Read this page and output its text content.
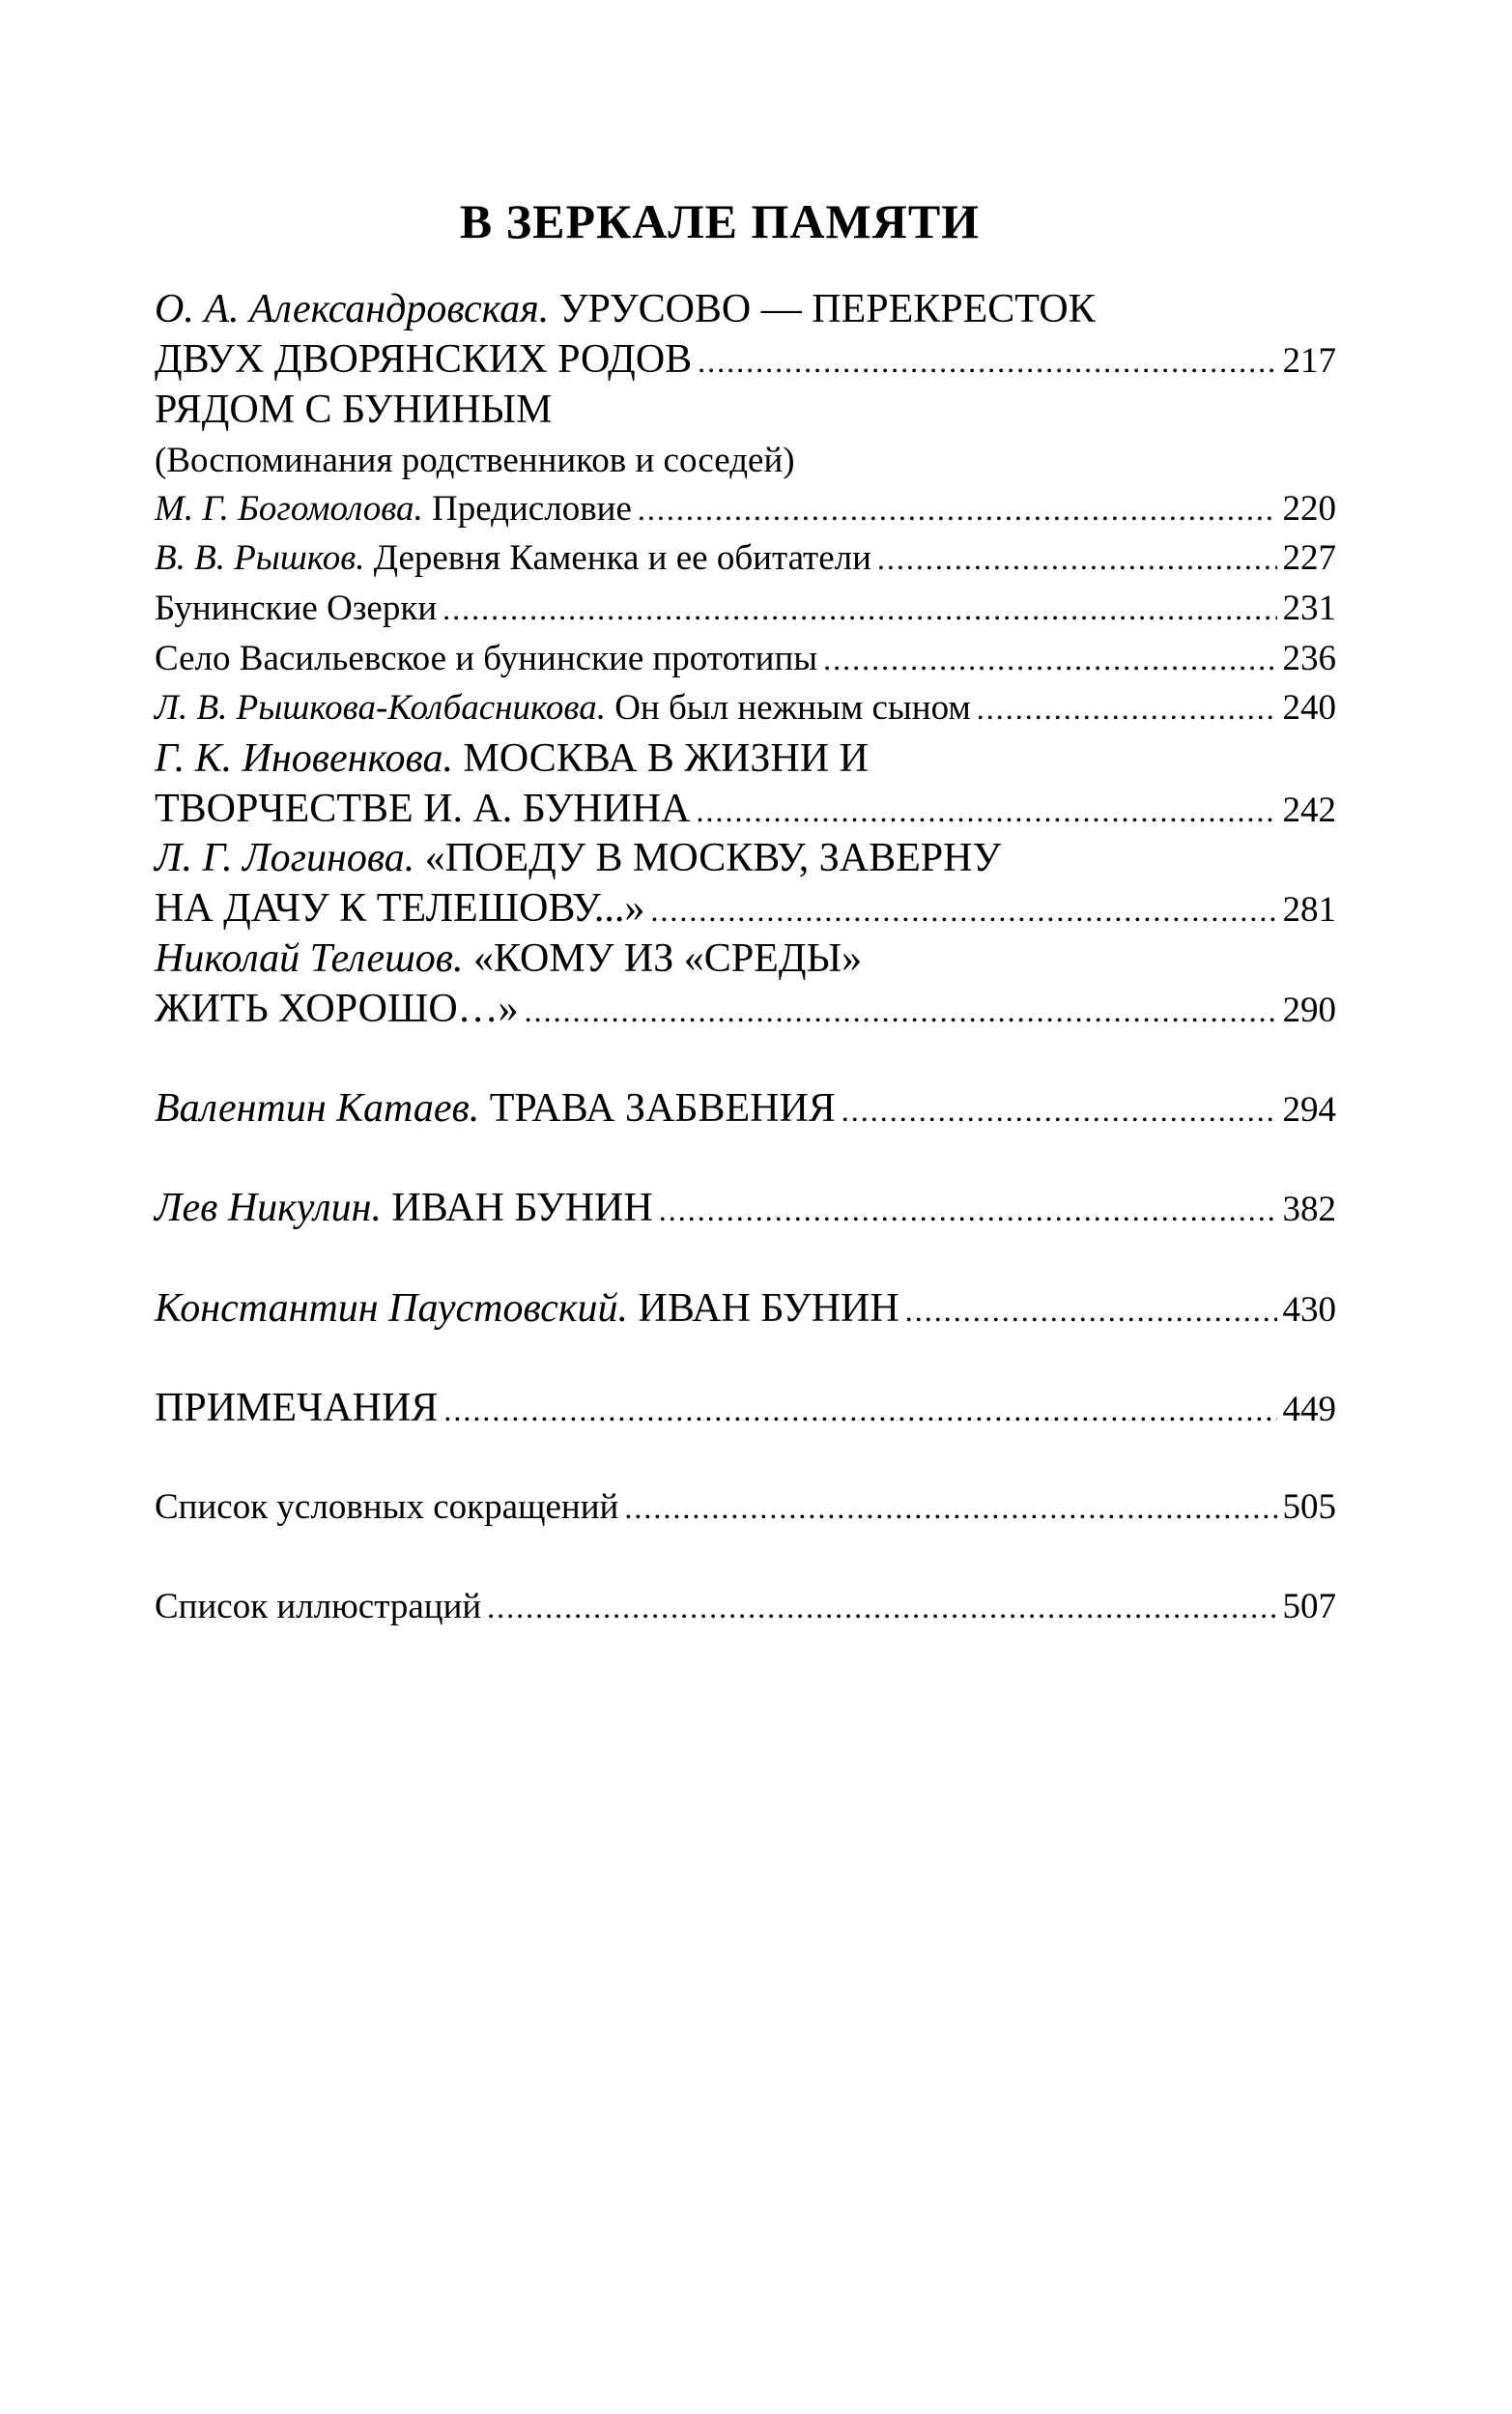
В ЗЕРКАЛЕ ПАМЯТИ
О. А. Александровская.
УРУСОВО — ПЕРЕКРЕСТОК
ДВУХ ДВОРЯНСКИХ РОДОВ .....	217
РЯДОМ С БУНИНЫМ
(Воспоминания родственников и соседей)
М. Г. Богомолова.
Предисловие .....	220
В. В. Рышков.
Деревня Каменка и ее обитатели .....	227
Бунинские Озерки .....	231
Село Васильевское и бунинские прототипы .....	236
Л. В. Рышкова-Колбасникова.
Он был нежным сыном .....	240
Г. К. Иновенкова.
МОСКВА В ЖИЗНИ И
ТВОРЧЕСТВЕ И. А. БУНИНА .....	242
Л. Г. Логинова.
«ПОЕДУ В МОСКВУ, ЗАВЕРНУ
НА ДАЧУ К ТЕЛЕШОВУ...» .....	281
Николай Телешов.
«КОМУ ИЗ «СРЕДЫ»
ЖИТЬ ХОРОШО…» .....	290
Валентин Катаев.
ТРАВА ЗАБВЕНИЯ .....	294
Лев Никулин.
ИВАН БУНИН .....	382
Константин Паустовский.
ИВАН БУНИН .....	430
ПРИМЕЧАНИЯ .....	449
Список условных сокращений .....	505
Список иллюстраций .....	507
